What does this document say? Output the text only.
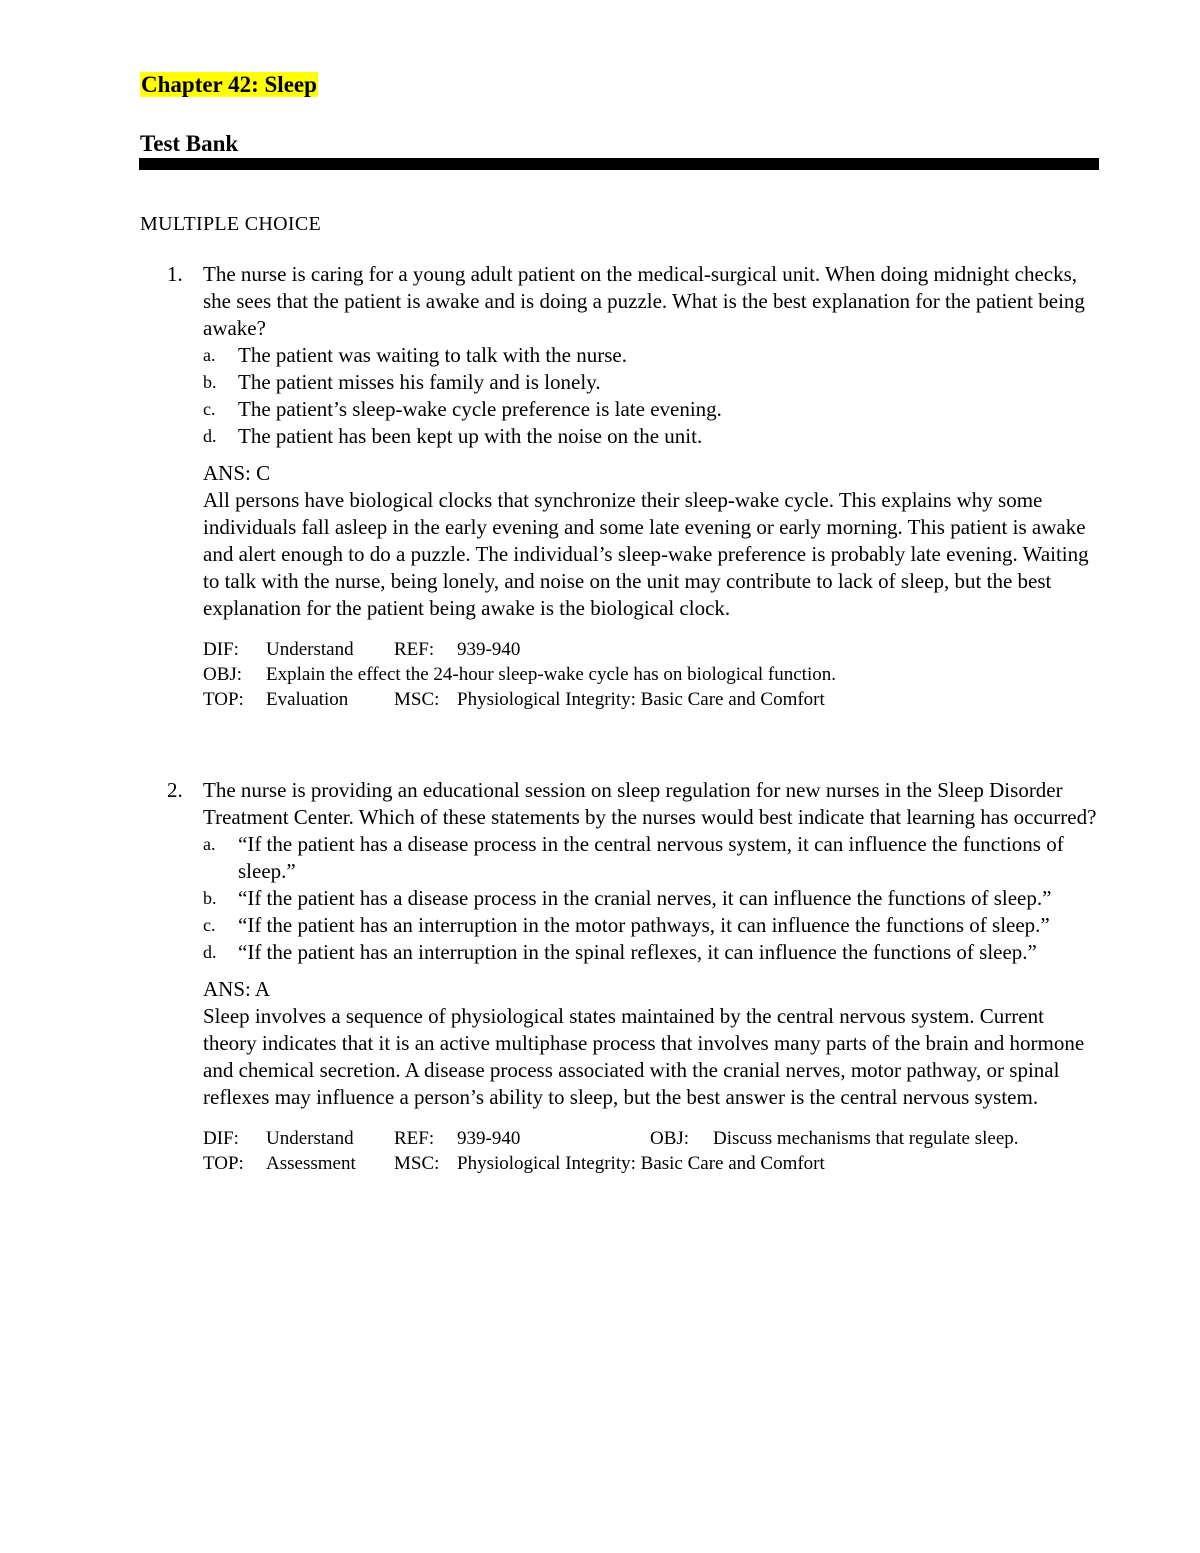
Chapter 42: Sleep
Test Bank
MULTIPLE CHOICE
1. The nurse is caring for a young adult patient on the medical-surgical unit. When doing midnight checks, she sees that the patient is awake and is doing a puzzle. What is the best explanation for the patient being awake?
a. The patient was waiting to talk with the nurse.
b. The patient misses his family and is lonely.
c. The patient’s sleep-wake cycle preference is late evening.
d. The patient has been kept up with the noise on the unit.
ANS: C
All persons have biological clocks that synchronize their sleep-wake cycle. This explains why some individuals fall asleep in the early evening and some late evening or early morning. This patient is awake and alert enough to do a puzzle. The individual’s sleep-wake preference is probably late evening. Waiting to talk with the nurse, being lonely, and noise on the unit may contribute to lack of sleep, but the best explanation for the patient being awake is the biological clock.
DIF:	Understand	REF:	939-940
OBJ:	Explain the effect the 24-hour sleep-wake cycle has on biological function.
TOP:	Evaluation	MSC: Physiological Integrity: Basic Care and Comfort
2. The nurse is providing an educational session on sleep regulation for new nurses in the Sleep Disorder Treatment Center. Which of these statements by the nurses would best indicate that learning has occurred?
a. “If the patient has a disease process in the central nervous system, it can influence the functions of sleep.”
b. “If the patient has a disease process in the cranial nerves, it can influence the functions of sleep.”
c. “If the patient has an interruption in the motor pathways, it can influence the functions of sleep.”
d. “If the patient has an interruption in the spinal reflexes, it can influence the functions of sleep.”
ANS: A
Sleep involves a sequence of physiological states maintained by the central nervous system. Current theory indicates that it is an active multiphase process that involves many parts of the brain and hormone and chemical secretion. A disease process associated with the cranial nerves, motor pathway, or spinal reflexes may influence a person’s ability to sleep, but the best answer is the central nervous system.
DIF:	Understand	REF:	939-940	OBJ:	Discuss mechanisms that regulate sleep.
TOP:	Assessment	MSC: Physiological Integrity: Basic Care and Comfort
